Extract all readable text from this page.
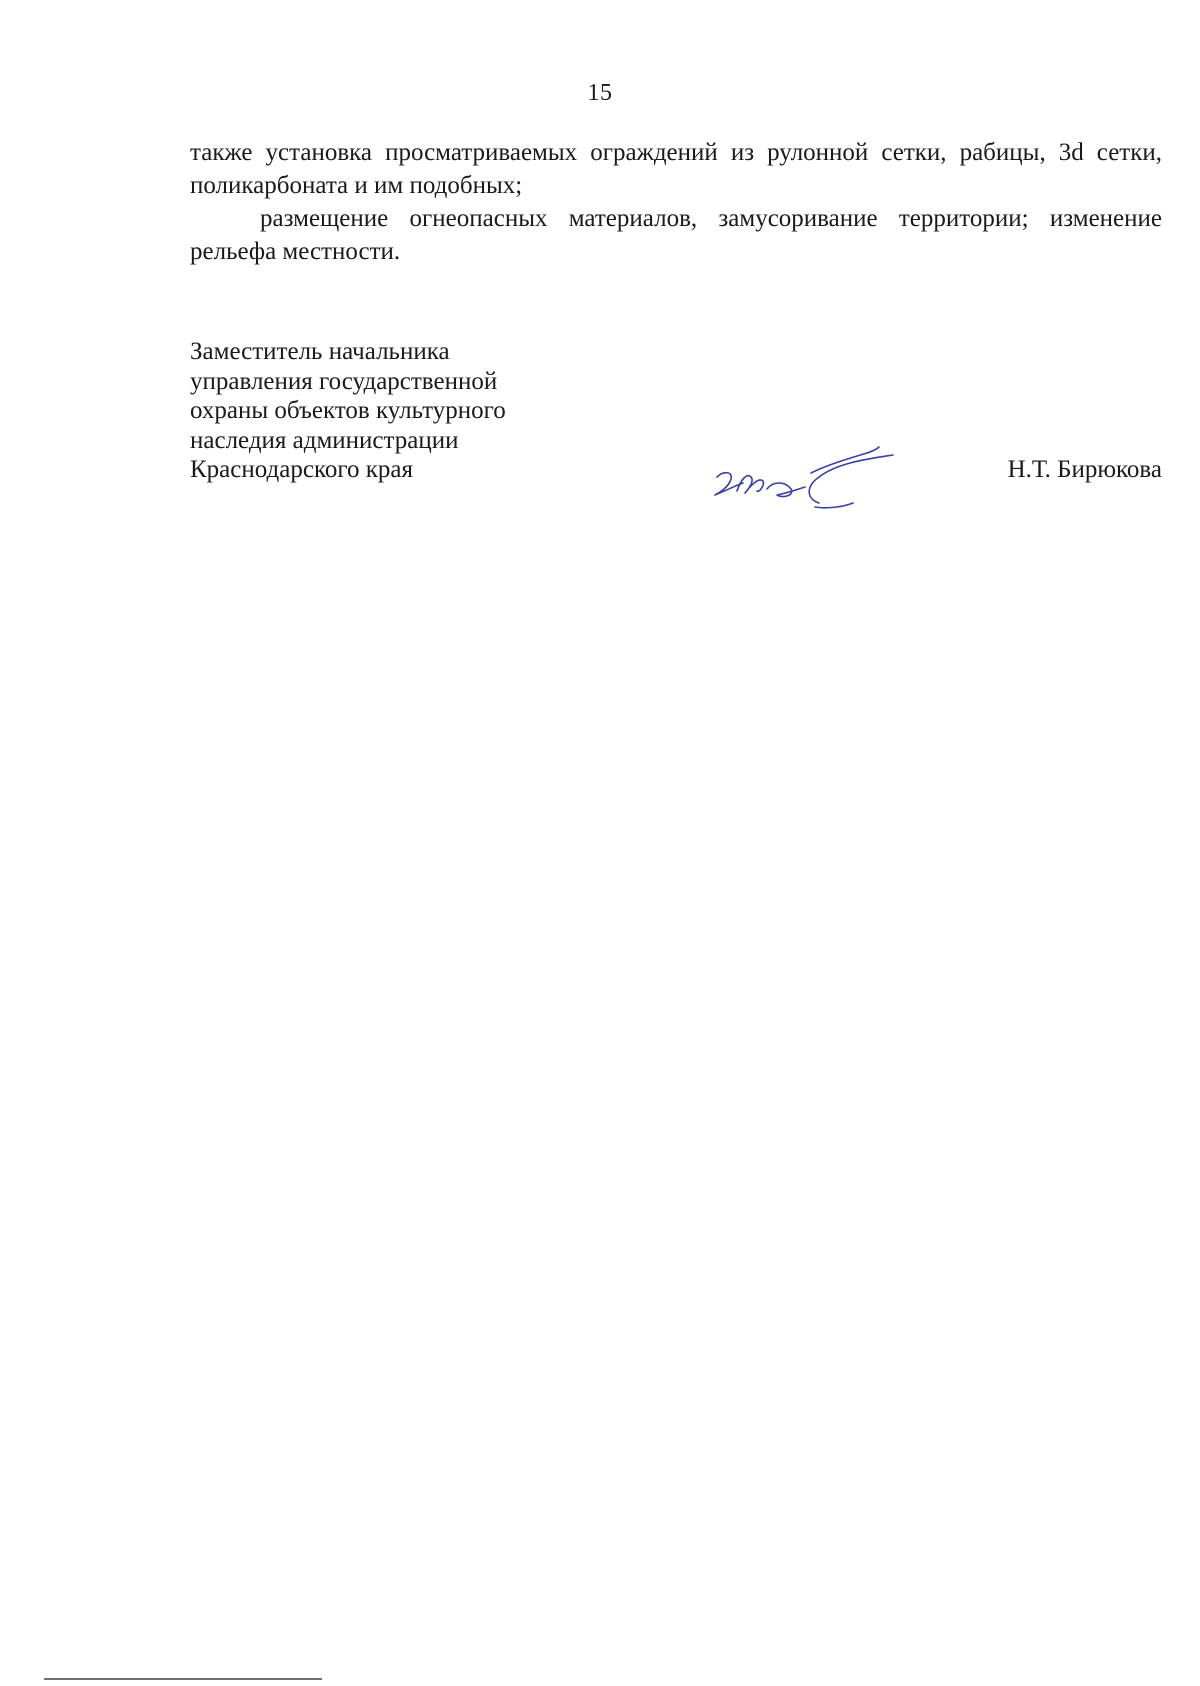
15

также установка просматриваемых ограждений из рулонной сетки, рабицы, 3d сетки, поликарбоната и им подобных;

размещение огнеопасных материалов, замусоривание территории; изменение рельефа местности.

Заместитель начальника
управления государственной
охраны объектов культурного
наследия администрации
Краснодарского края	Н.Т. Бирюкова
